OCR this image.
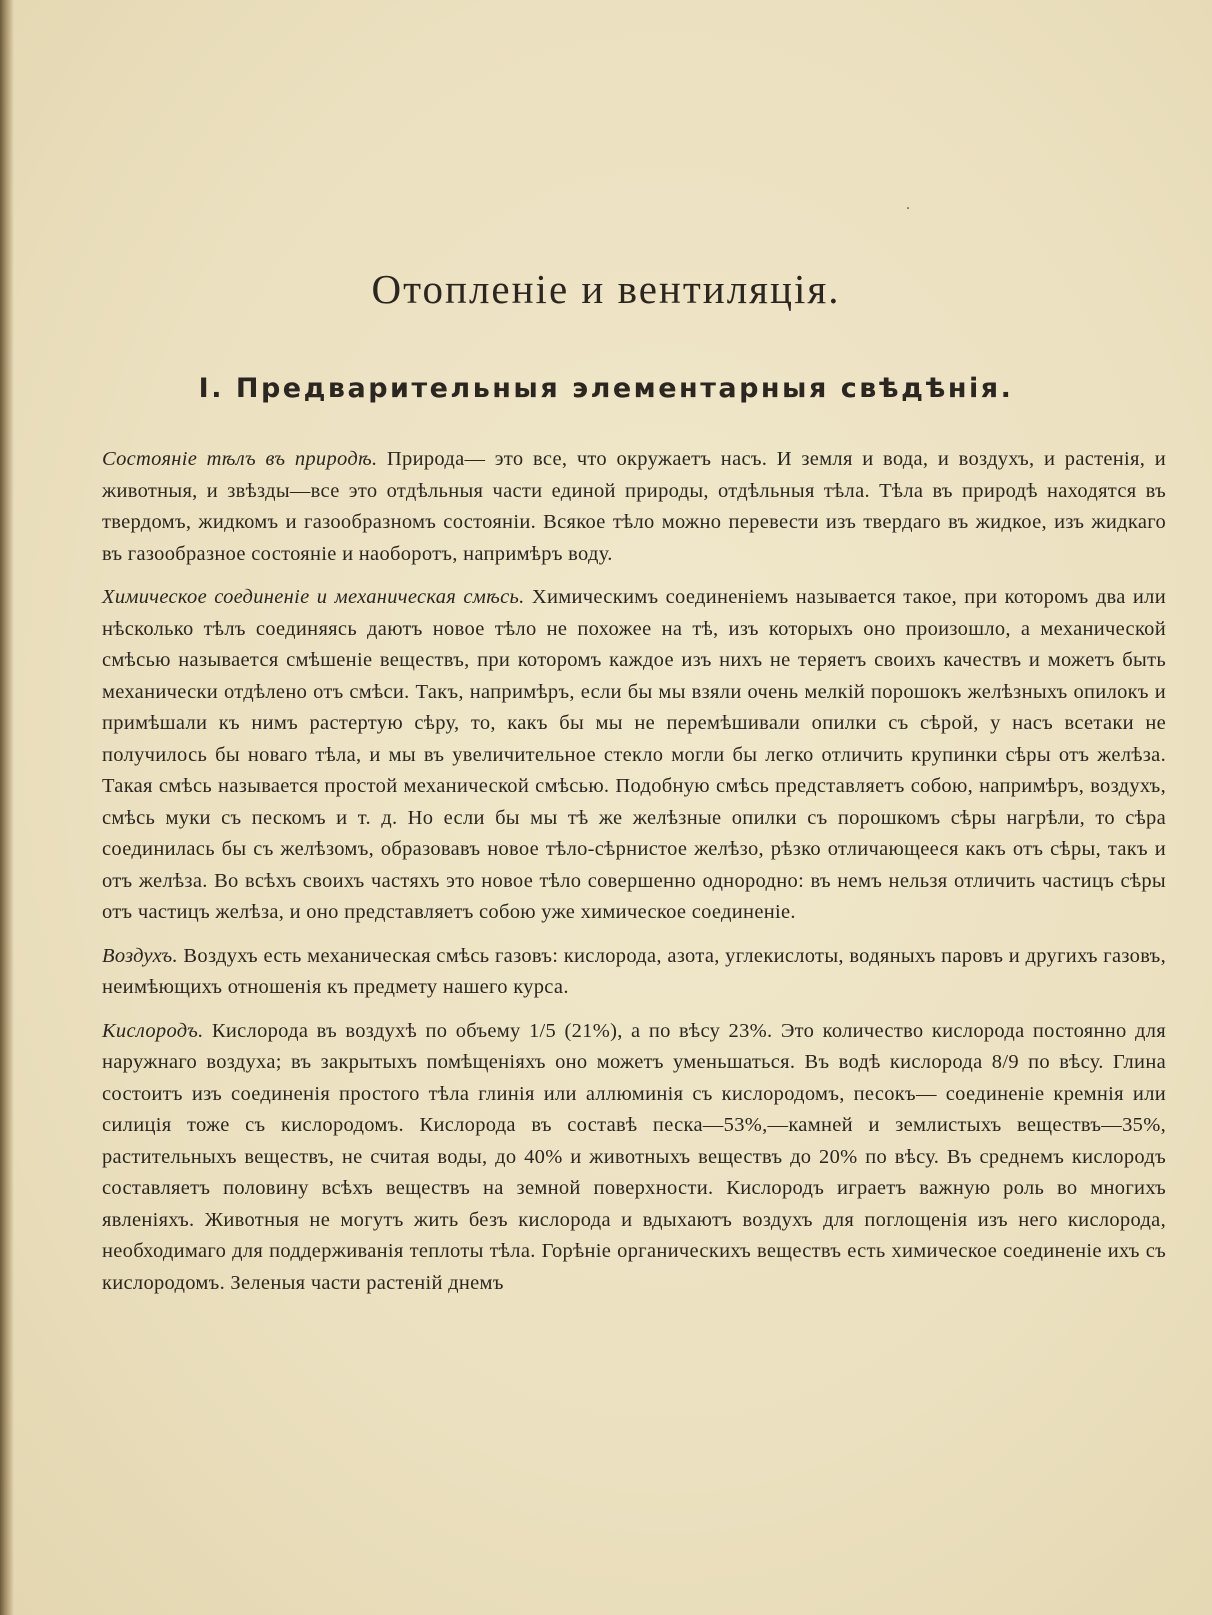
.
Отопленіе и вентиляція.
I. Предварительныя элементарныя свѣдѣнія.

Состояніе тѣлъ въ природѣ. Природа— это все, что окружаетъ насъ. И земля и вода, и воздухъ, и растенія, и животныя, и звѣзды—все это отдѣльныя части единой природы, отдѣльныя тѣла. Тѣла въ природѣ находятся въ твердомъ, жидкомъ и газообразномъ состояніи. Всякое тѣло можно перевести изъ твердаго въ жидкое, изъ жидкаго въ газообразное состояніе и наоборотъ, напримѣръ воду.

Химическое соединеніе и механическая смѣсь. Химическимъ соединеніемъ называется такое, при которомъ два или нѣсколько тѣлъ соединяясь даютъ новое тѣло не похожее на тѣ, изъ которыхъ оно произошло, а механической смѣсью называется смѣшеніе веществъ, при которомъ каждое изъ нихъ не теряетъ своихъ качествъ и можетъ быть механически отдѣлено отъ смѣси. Такъ, напримѣръ, если бы мы взяли очень мелкій порошокъ желѣзныхъ опилокъ и примѣшали къ нимъ растертую сѣру, то, какъ бы мы не перемѣшивали опилки съ сѣрой, у насъ всетаки не получилось бы новаго тѣла, и мы въ увеличительное стекло могли бы легко отличить крупинки сѣры отъ желѣза. Такая смѣсь называется простой механической смѣсью. Подобную смѣсь представляетъ собою, напримѣръ, воздухъ, смѣсь муки съ пескомъ и т. д. Но если бы мы тѣ же желѣзные опилки съ порошкомъ сѣры нагрѣли, то сѣра соединилась бы съ желѣзомъ, образовавъ новое тѣло-сѣрнистое желѣзо, рѣзко отличающееся какъ отъ сѣры, такъ и отъ желѣза. Во всѣхъ своихъ частяхъ это новое тѣло совершенно однородно: въ немъ нельзя отличить частицъ сѣры отъ частицъ желѣза, и оно представляетъ собою уже химическое соединеніе.

Воздухъ. Воздухъ есть механическая смѣсь газовъ: кислорода, азота, углекислоты, водяныхъ паровъ и другихъ газовъ, неимѣющихъ отношенія къ предмету нашего курса.

Кислородъ. Кислорода въ воздухѣ по объему 1/5 (21%), а по вѣсу 23%. Это количество кислорода постоянно для наружнаго воздуха; въ закрытыхъ помѣщеніяхъ оно можетъ уменьшаться. Въ водѣ кислорода 8/9 по вѣсу. Глина состоитъ изъ соединенія простого тѣла глинія или аллюминія съ кислородомъ, песокъ— соединеніе кремнія или силиція тоже съ кислородомъ. Кислорода въ составѣ песка—53%,—камней и землистыхъ веществъ—35%, растительныхъ веществъ, не считая воды, до 40% и животныхъ веществъ до 20% по вѣсу. Въ среднемъ кислородъ составляетъ половину всѣхъ веществъ на земной поверхности. Кислородъ играетъ важную роль во многихъ явленіяхъ. Животныя не могутъ жить безъ кислорода и вдыхаютъ воздухъ для поглощенія изъ него кислорода, необходимаго для поддерживанія теплоты тѣла. Горѣніе органическихъ веществъ есть химическое соединеніе ихъ съ кислородомъ. Зеленыя части растеній днемъ
